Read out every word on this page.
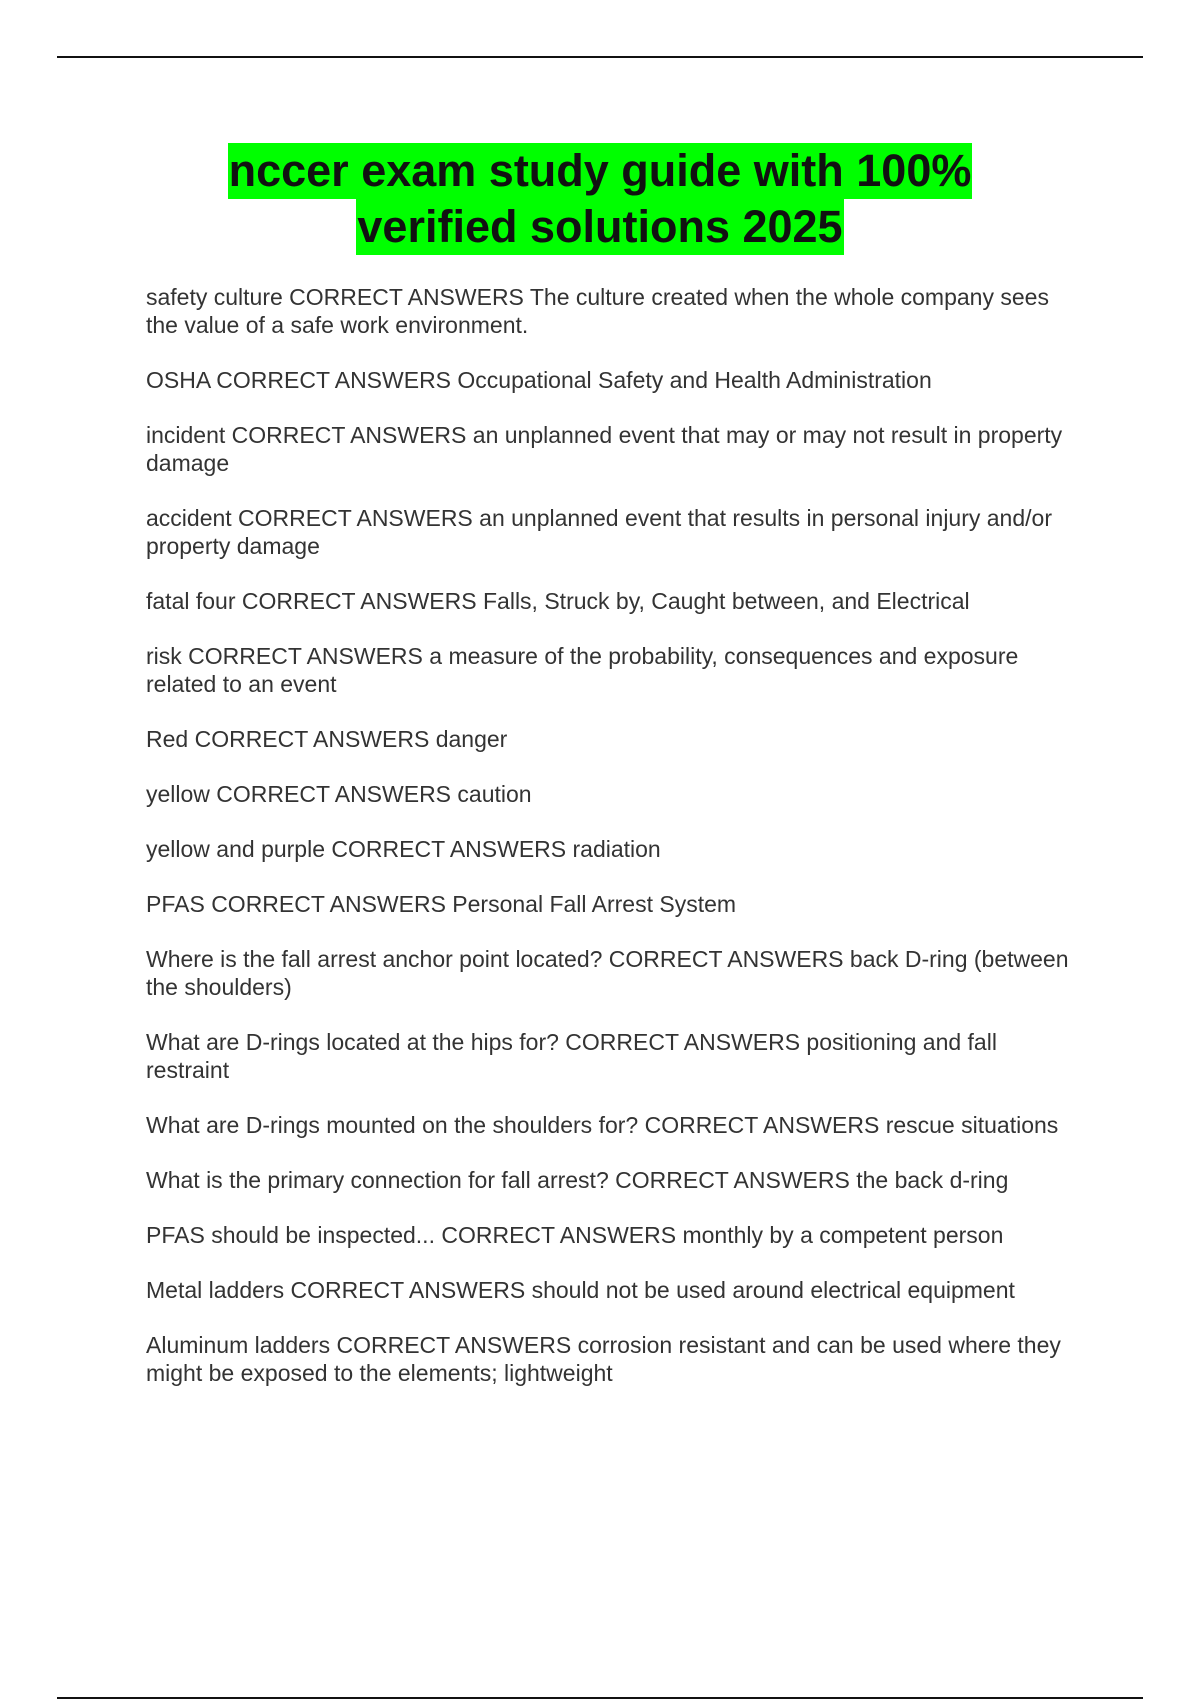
nccer exam study guide with 100%
verified solutions 2025

safety culture CORRECT ANSWERS The culture created when the whole company sees the value of a safe work environment.

OSHA CORRECT ANSWERS Occupational Safety and Health Administration

incident CORRECT ANSWERS an unplanned event that may or may not result in property damage

accident CORRECT ANSWERS an unplanned event that results in personal injury and/or property damage

fatal four CORRECT ANSWERS Falls, Struck by, Caught between, and Electrical

risk CORRECT ANSWERS a measure of the probability, consequences and exposure related to an event

Red CORRECT ANSWERS danger

yellow CORRECT ANSWERS caution

yellow and purple CORRECT ANSWERS radiation

PFAS CORRECT ANSWERS Personal Fall Arrest System

Where is the fall arrest anchor point located? CORRECT ANSWERS back D-ring (between the shoulders)

What are D-rings located at the hips for? CORRECT ANSWERS positioning and fall restraint

What are D-rings mounted on the shoulders for? CORRECT ANSWERS rescue situations

What is the primary connection for fall arrest? CORRECT ANSWERS the back d-ring

PFAS should be inspected... CORRECT ANSWERS monthly by a competent person

Metal ladders CORRECT ANSWERS should not be used around electrical equipment

Aluminum ladders CORRECT ANSWERS corrosion resistant and can be used where they might be exposed to the elements; lightweight
